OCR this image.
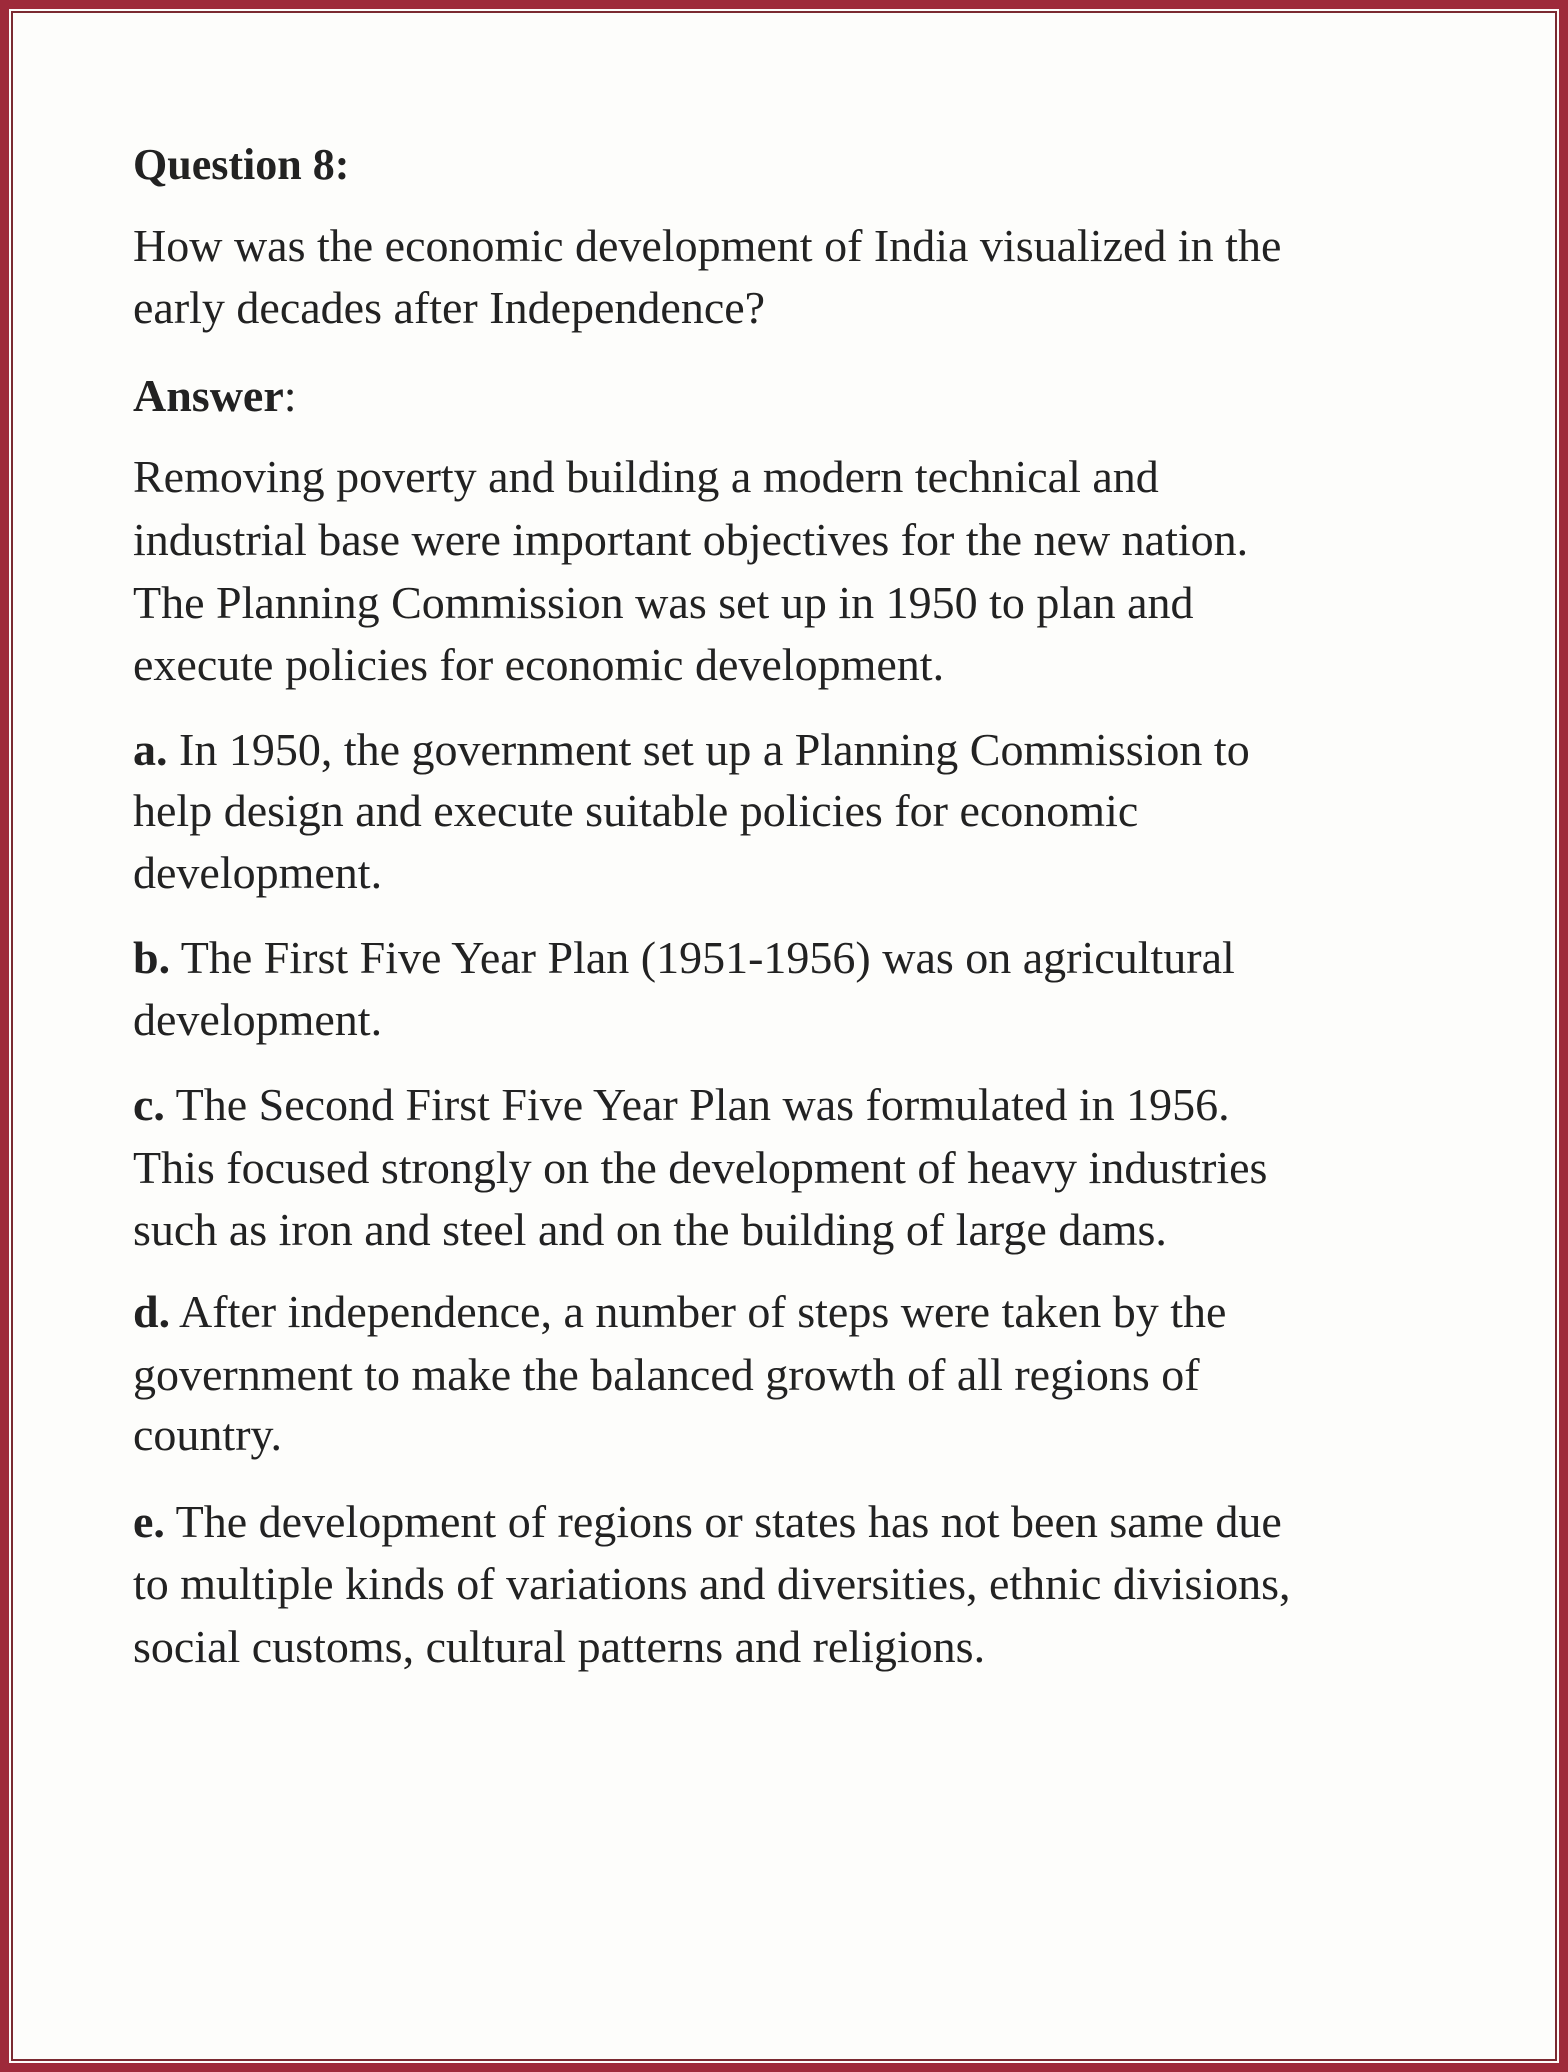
Question 8:
How was the economic development of India visualized in the
early decades after Independence?
Answer:
Removing poverty and building a modern technical and
industrial base were important objectives for the new nation.
The Planning Commission was set up in 1950 to plan and
execute policies for economic development.
a. In 1950, the government set up a Planning Commission to
help design and execute suitable policies for economic
development.
b. The First Five Year Plan (1951-1956) was on agricultural
development.
c. The Second First Five Year Plan was formulated in 1956.
This focused strongly on the development of heavy industries
such as iron and steel and on the building of large dams.
d. After independence, a number of steps were taken by the
government to make the balanced growth of all regions of
country.
e. The development of regions or states has not been same due
to multiple kinds of variations and diversities, ethnic divisions,
social customs, cultural patterns and religions.
